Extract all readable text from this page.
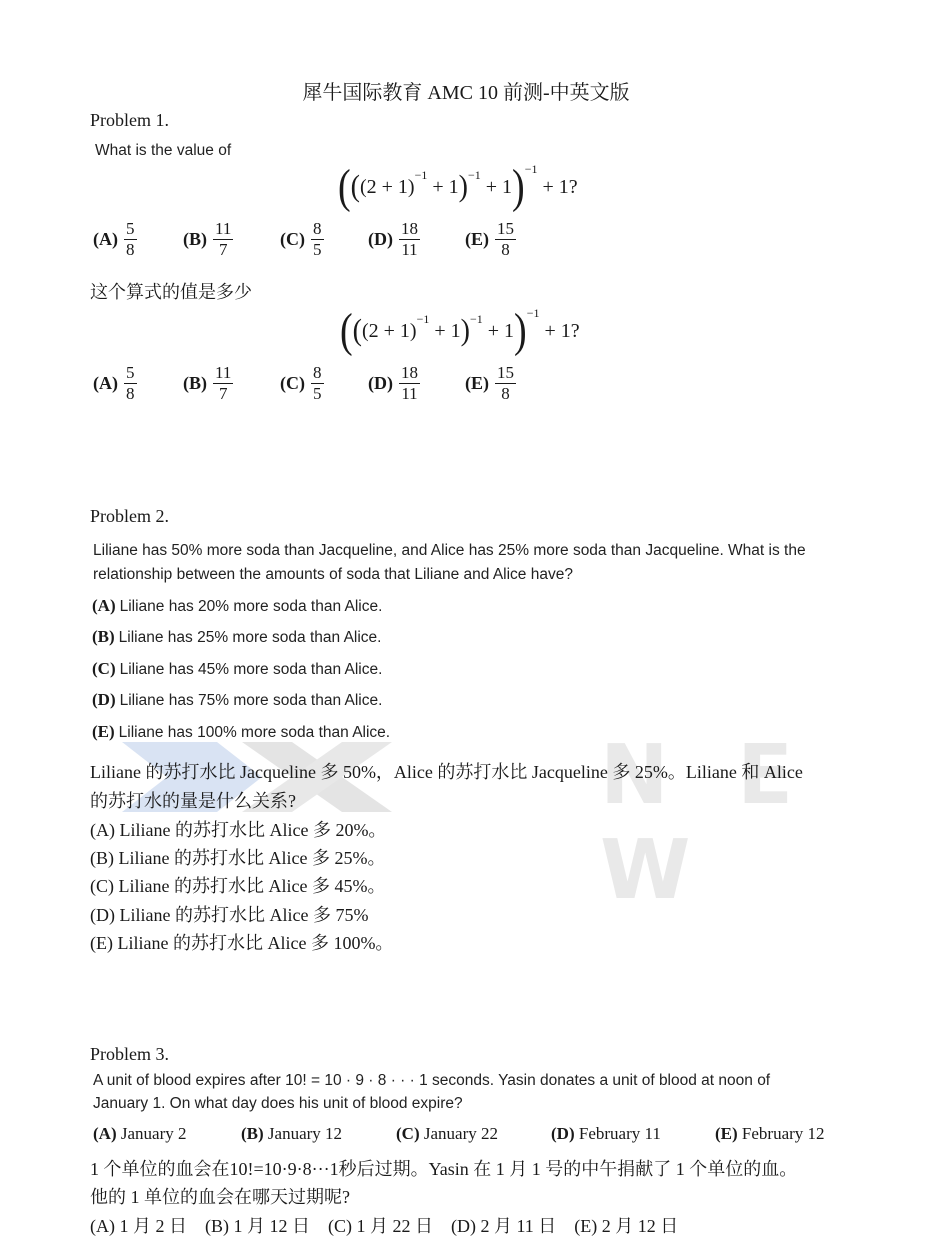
N E W
犀牛国际教育 AMC 10 前测-中英文版
Problem 1.
What is the value of
( ( (2 + 1)
−1
+ 1 ) −1
+ 1 ) −1
+ 1?
$(A) \frac{5}{8}$	$(B) \frac{11}{7}$	$(C) \frac{8}{5} (D) \frac{18}{11}$	$(E) \frac{15}{8}$
这个算式的值是多少
( ( (2 + 1)
−1
+ 1 ) −1
+ 1 ) −1
+ 1?
$(A) \frac{5}{8}$	$(B) \frac{11}{7}$	$(C) \frac{8}{5} (D) \frac{18}{11}$	$(E) \frac{15}{8}$
Problem 2.
Liliane has 50% more soda than Jacqueline, and Alice has 25% more soda than Jacqueline. What is the
relationship between the amounts of soda that Liliane and Alice have?
(A) Liliane has 20% more soda than Alice.
(B) Liliane has 25% more soda than Alice.
(C) Liliane has 45% more soda than Alice.
(D) Liliane has 75% more soda than Alice.
(E) Liliane has 100% more soda than Alice.
Liliane 的苏打水比 Jacqueline 多 50%，Alice 的苏打水比 Jacqueline 多 25%。Liliane 和 Alice
的苏打水的量是什么关系?
(A) Liliane 的苏打水比 Alice 多 20%。
(B) Liliane 的苏打水比 Alice 多 25%。
(C) Liliane 的苏打水比 Alice 多 45%。
(D) Liliane 的苏打水比 Alice 多 75%
(E) Liliane 的苏打水比 Alice 多 100%。
Problem 3.
A unit of blood expires after 10! = 10 · 9 · 8 · · · 1 seconds. Yasin donates a unit of blood at noon of
January 1. On what day does his unit of blood expire?
(A) January 2	(B) January 12	(C) January 22	(D) February 11	(E) February 12
1 个单位的血会在10!=10·9·8···1秒后过期。Yasin 在 1 月 1 号的中午捐献了 1 个单位的血。
他的 1 单位的血会在哪天过期呢?
(A) 1 月 2 日　(B) 1 月 12 日　(C) 1 月 22 日　(D) 2 月 11 日　(E) 2 月 12 日
